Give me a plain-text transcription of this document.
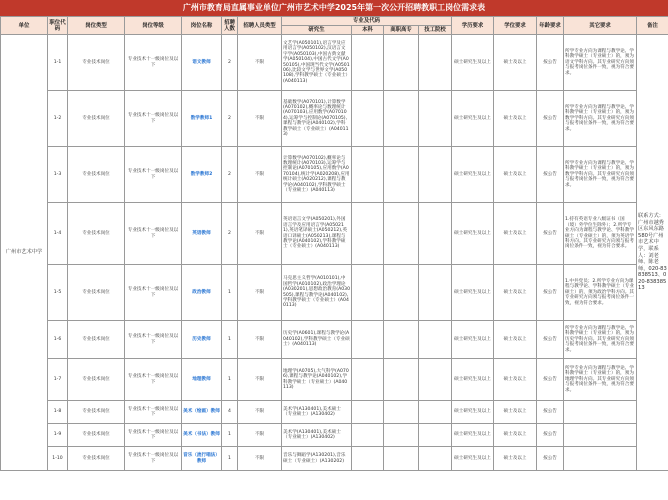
广州市教育局直属事业单位广州市艺术中学2025年第一次公开招聘教职工岗位需求表
单位	职位代码	岗位类型	岗位等级	岗位名称	招聘人数	招聘人员类型	专业及代码				学历要求	学位要求	年龄要求	其它要求	备注
							研究生	本科	高职高专	技工院校					
广州市艺术中学	1-1	专业技术岗位	专业技术十一级岗位及以下	语文教师	2	不限	文艺学(A050101),语言学及应用语言学(A050102),汉语言文字学(A050103),中国古典文献学(A050104),中国古代文学(A050105),中国现当代文学(A050106),比较文学与世界文学(A050108),学科教学硕士（专业硕士）(A040113)				硕士研究生及以上	硕士及以上	按公告	所学专业方向为课程与教学论、学科教学硕士（专业硕士）的，须为语文学科方向。其专业研究方向须与报考岗位条件一致，视为符合要求。	联系方式：广州市越秀区东风东路580号广州市艺术中学，联系人：刘老师、陈老师，020-83838513、020-83838513
	1-2	专业技术岗位	专业技术十一级岗位及以下	数学教师1	2	不限	基础数学(A070101),计算数学(A070102),概率论与数理统计(A070103),应用数学(A070104),运筹学与控制论(A070105),课程与教学论(A040102),学科教学硕士（专业硕士）(A040113)				硕士研究生及以上	硕士及以上	按公告	所学专业方向为课程与教学论、学科教学硕士（专业硕士）的，须为数学学科方向。其专业研究方向须与报考岗位条件一致，视为符合要求。	
	1-3	专业技术岗位	专业技术十一级岗位及以下	数学教师2	2	不限	计算数学(A070102),概率论与数理统计(A070103),运筹学与控制论(A070105),应用数学(A070104),统计学(A020208),应用统计硕士(A020212),课程与教学论(A040102),学科教学硕士（专业硕士）(A040113)				硕士研究生及以上	硕士及以上	按公告	所学专业方向为课程与教学论、学科教学硕士（专业硕士）的，须为数学学科方向。其专业研究方向须与报考岗位条件一致，视为符合要求。	
	1-4	专业技术岗位	专业技术十一级岗位及以下	英语教师	2	不限	英语语言文学(A050201),外国语言学及应用语言学(A050211),英语笔译硕士(A050212),英语口译硕士(A050213),课程与教学论(A040102),学科教学硕士（专业硕士）(A040113)				硕士研究生及以上	硕士及以上	按公告	1.持有英语专业八级证书（国（境）外学位生除外）；2.所学专业方向为课程与教学论、学科教学硕士（专业硕士）的，须为英语学科方向。其专业研究方向须与报考岗位条件一致，视为符合要求。	
	1-5	专业技术岗位	专业技术十一级岗位及以下	政治教师	1	不限	马克思主义哲学(A010101),中国哲学(A010102),政治学理论(A030201),思想政治教育(A030505),课程与教学论(A040102),学科教学硕士（专业硕士）(A040113)				硕士研究生及以上	硕士及以上	按公告	1.中共党员；2.所学专业方向为课程与教学论、学科教学硕士（专业硕士）的，须为政治学科方向。其专业研究方向须与报考岗位条件一致，视为符合要求。	
	1-6	专业技术岗位	专业技术十一级岗位及以下	历史教师	1	不限	历史学(A0601),课程与教学论(A040102),学科教学硕士（专业硕士）(A040113)				硕士研究生及以上	硕士及以上	按公告	所学专业方向为课程与教学论、学科教学硕士（专业硕士）的，须为历史学科方向。其专业研究方向须与报考岗位条件一致，视为符合要求。	
	1-7	专业技术岗位	专业技术十一级岗位及以下	地理教师	1	不限	地理学(A0705),大气科学(A0706),课程与教学论(A040102),学科教学硕士（专业硕士）(A040113)				硕士研究生及以上	硕士及以上	按公告	所学专业方向为课程与教学论、学科教学硕士（专业硕士）的，须为地理学科方向。其专业研究方向须与报考岗位条件一致，视为符合要求。	
	1-8	专业技术岗位	专业技术十一级岗位及以下	美术（绘画）教师	4	不限	美术学(A130401),美术硕士（专业硕士）(A130402)				硕士研究生及以上	硕士及以上	按公告		
	1-9	专业技术岗位	专业技术十一级岗位及以下	美术（书法）教师	1	不限	美术学(A130401),美术硕士（专业硕士）(A130402)				硕士研究生及以上	硕士及以上	按公告		
	1-10	专业技术岗位	专业技术十一级岗位及以下	音乐（流行唱法）教师	1	不限	音乐与舞蹈学(A130201),音乐硕士（专业硕士）(A130202)				硕士研究生及以上	硕士及以上	按公告		
